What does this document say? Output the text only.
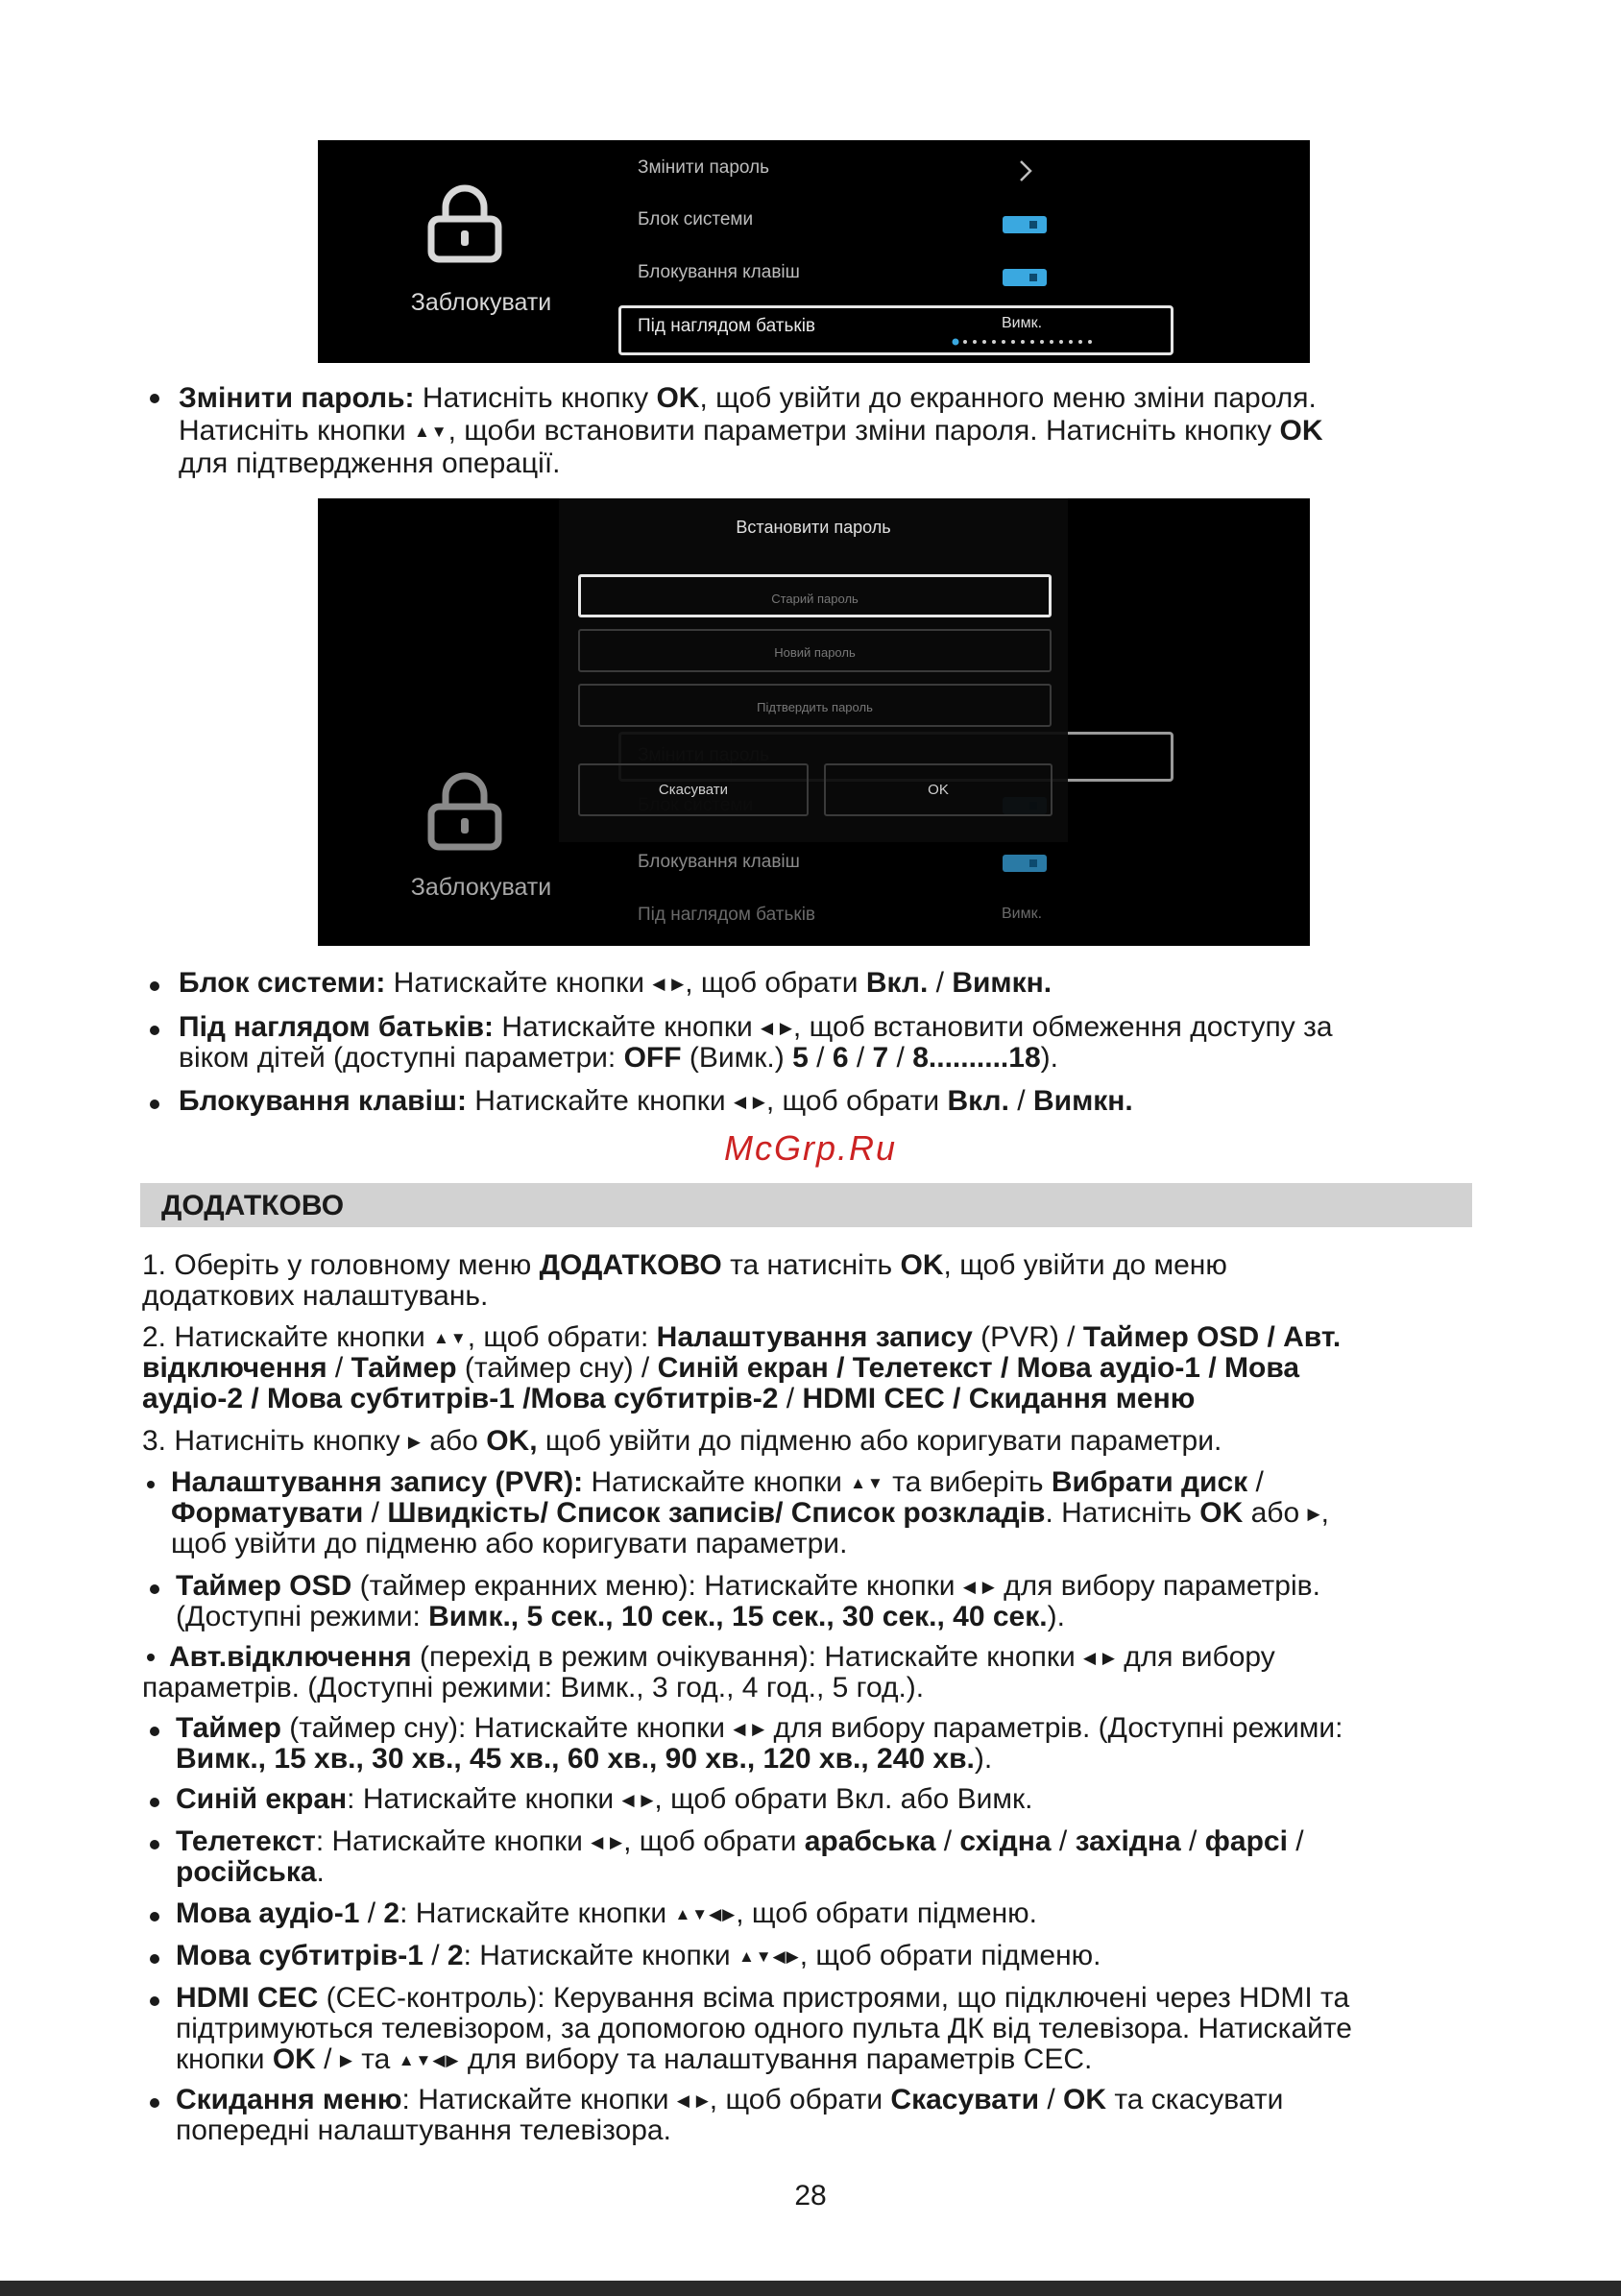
Заблокувати
Змінити пароль
Блок системи
Блокування клавіш
Під наглядом батьків	Вимк.
Змінити пароль: Натисніть кнопку OK, щоб увійти до екранного меню зміни пароля.
Натисніть кнопки ▲▼, щоби встановити параметри зміни пароля. Натисніть кнопку OK
для підтвердження операції.
Заблокувати
Блокування клавіш
Під наглядом батьків	Вимк.
Встановити пароль
Старий пароль
Новий пароль
Підтвердить пароль
Скасувати	OK
Блок системи: Натискайте кнопки ◀ ▶, щоб обрати Вкл. / Вимкн.
Під наглядом батьків: Натискайте кнопки ◀ ▶, щоб встановити обмеження доступу за
віком дітей (доступні параметри: OFF (Вимк.) 5 / 6 / 7 / 8..........18).
Блокування клавіш: Натискайте кнопки ◀ ▶, щоб обрати Вкл. / Вимкн.
McGrp.Ru
ДОДАТКОВО
1. Оберіть у головному меню ДОДАТКОВО та натисніть OK, щоб увійти до меню
додаткових налаштувань.
2. Натискайте кнопки ▲▼, щоб обрати: Налаштування запису (PVR) / Таймер OSD / Авт.
відключення / Таймер (таймер сну) / Синій екран / Телетекст / Мова аудіо-1 / Мова
аудіо-2 / Мова субтитрів-1 /Мова субтитрів-2 / HDMI CEC / Скидання меню
3. Натисніть кнопку ▶ або OK, щоб увійти до підменю або коригувати параметри.
Налаштування запису (PVR): Натискайте кнопки ▲▼ та виберіть Вибрати диск /
Форматувати / Швидкість/ Список записів/ Список розкладів. Натисніть OK або ▶,
щоб увійти до підменю або коригувати параметри.
Таймер OSD (таймер екранних меню): Натискайте кнопки ◀ ▶ для вибору параметрів.
(Доступні режими: Вимк., 5 сек., 10 сек., 15 сек., 30 сек., 40 сек.).
Авт.відключення (перехід в режим очікування): Натискайте кнопки ◀ ▶ для вибору
параметрів. (Доступні режими: Вимк., 3 год., 4 год., 5 год.).
Таймер (таймер сну): Натискайте кнопки ◀ ▶ для вибору параметрів. (Доступні режими:
Вимк., 15 хв., 30 хв., 45 хв., 60 хв., 90 хв., 120 хв., 240 хв.).
Синій екран: Натискайте кнопки ◀ ▶, щоб обрати Вкл. або Вимк.
Телетекст: Натискайте кнопки ◀ ▶, щоб обрати арабська / східна / західна / фарсі /
російська.
Мова аудіо-1 / 2: Натискайте кнопки ▲▼◀▶, щоб обрати підменю.
Мова субтитрів-1 / 2: Натискайте кнопки ▲▼◀▶, щоб обрати підменю.
HDMI CEC (CEC-контроль): Керування всіма пристроями, що підключені через HDMI та
підтримуються телевізором, за допомогою одного пульта ДК від телевізора. Натискайте
кнопки OK / ▶ та ▲▼◀▶ для вибору та налаштування параметрів CEC.
Скидання меню: Натискайте кнопки ◀ ▶, щоб обрати Скасувати / OK та скасувати
попередні налаштування телевізора.
28
